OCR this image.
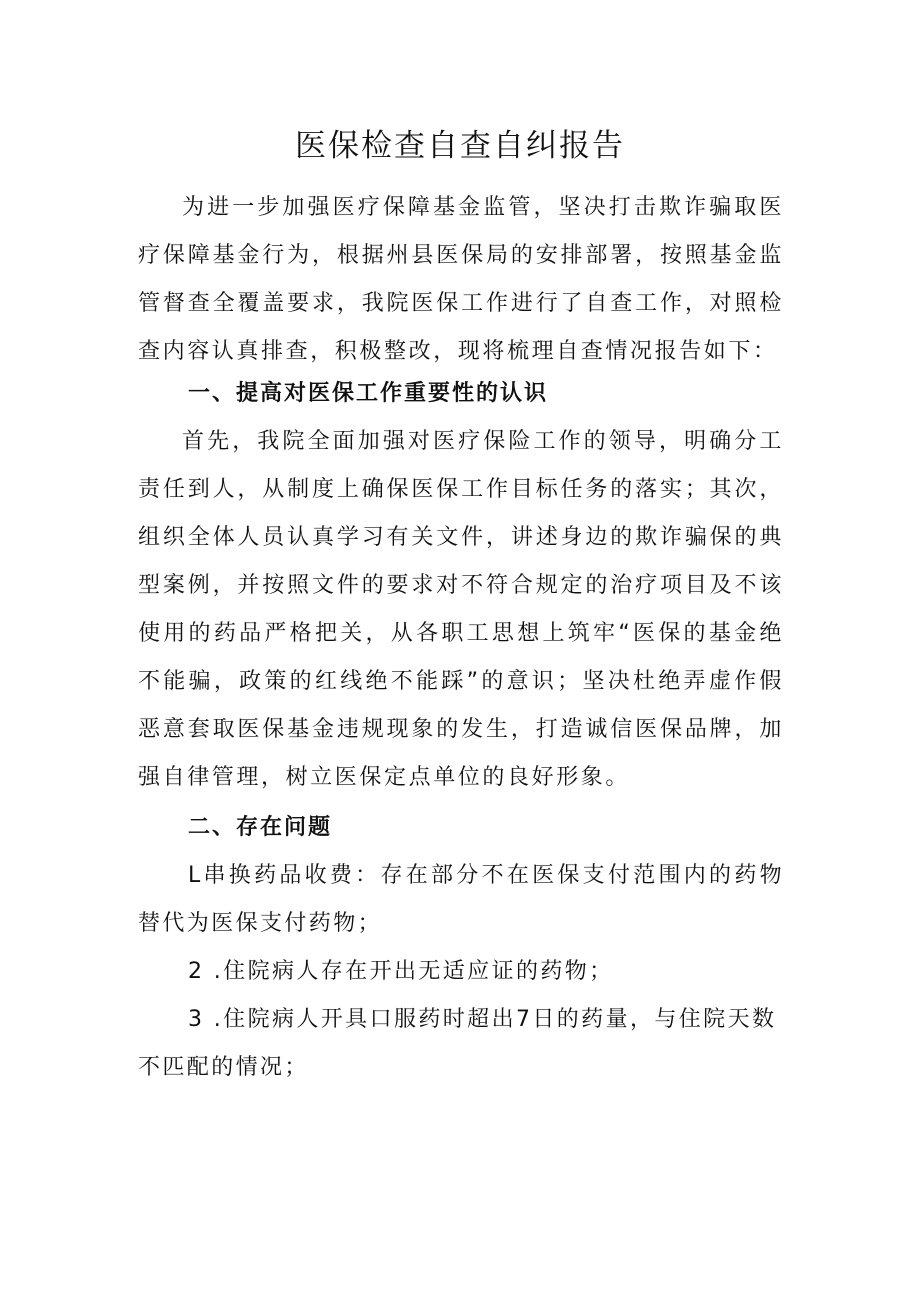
医保检查自查自纠报告

为进一步加强医疗保障基金监管，坚决打击欺诈骗取医疗保障基金行为，根据州县医保局的安排部署，按照基金监管督查全覆盖要求，我院医保工作进行了自查工作，对照检查内容认真排查，积极整改，现将梳理自查情况报告如下：

一、提高对医保工作重要性的认识

首先，我院全面加强对医疗保险工作的领导，明确分工责任到人，从制度上确保医保工作目标任务的落实；其次，组织全体人员认真学习有关文件，讲述身边的欺诈骗保的典型案例，并按照文件的要求对不符合规定的治疗项目及不该使用的药品严格把关，从各职工思想上筑牢“医保的基金绝不能骗，政策的红线绝不能踩”的意识；坚决杜绝弄虚作假恶意套取医保基金违规现象的发生，打造诚信医保品牌，加强自律管理，树立医保定点单位的良好形象。

二、存在问题

L串换药品收费：存在部分不在医保支付范围内的药物替代为医保支付药物；

2 .住院病人存在开出无适应证的药物；

3 .住院病人开具口服药时超出7日的药量，与住院天数不匹配的情况；
